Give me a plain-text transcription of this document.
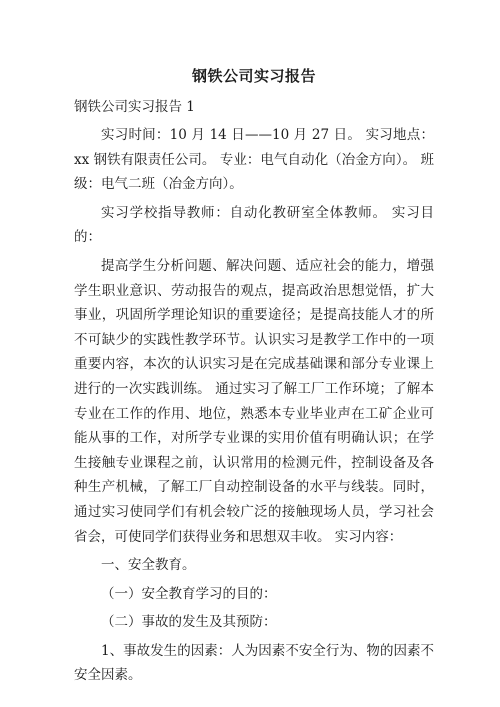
钢铁公司实习报告

钢铁公司实习报告 1

实习时间：10 月 14 日——10 月 27 日。 实习地点：xx 钢铁有限责任公司。 专业：电气自动化（冶金方向）。 班级：电气二班（冶金方向）。

实习学校指导教师：自动化教研室全体教师。 实习目的：

提高学生分析问题、解决问题、适应社会的能力，增强学生职业意识、劳动报告的观点，提高政治思想觉悟，扩大事业，巩固所学理论知识的重要途径；是提高技能人才的所不可缺少的实践性教学环节。认识实习是教学工作中的一项重要内容，本次的认识实习是在完成基础课和部分专业课上进行的一次实践训练。 通过实习了解工厂工作环境；了解本专业在工作的作用、地位，熟悉本专业毕业声在工矿企业可能从事的工作，对所学专业课的实用价值有明确认识；在学生接触专业课程之前，认识常用的检测元件，控制设备及各种生产机械，了解工厂自动控制设备的水平与线装。同时，通过实习使同学们有机会较广泛的接触现场人员，学习社会省会，可使同学们获得业务和思想双丰收。 实习内容：

一、安全教育。

（一）安全教育学习的目的：

（二）事故的发生及其预防：

1、事故发生的因素：人为因素不安全行为、物的因素不安全因素。
